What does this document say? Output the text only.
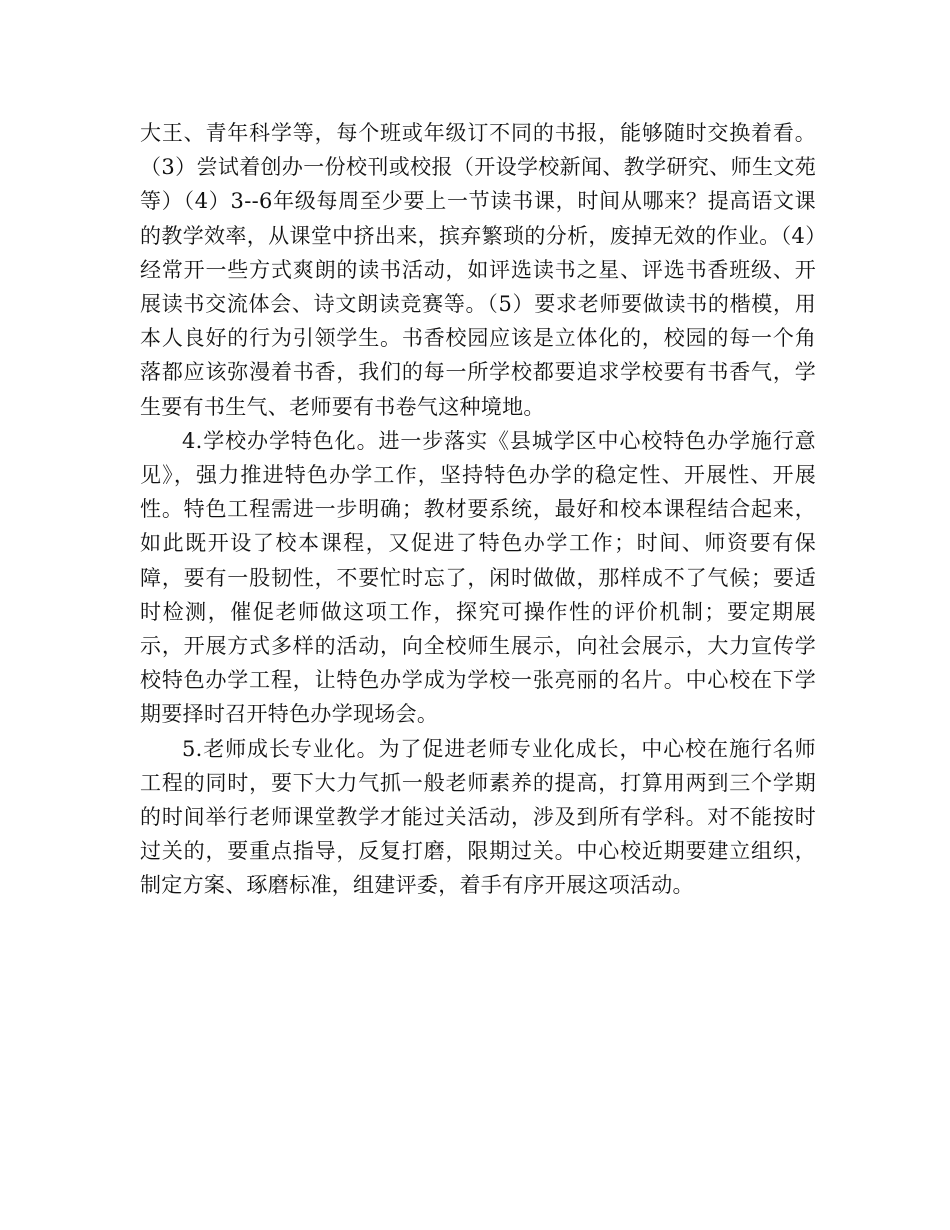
大王、青年科学等，每个班或年级订不同的书报，能够随时交换着看。（3）尝试着创办一份校刊或校报（开设学校新闻、教学研究、师生文苑等）（4）3--6年级每周至少要上一节读书课，时间从哪来？提高语文课的教学效率，从课堂中挤出来，摈弃繁琐的分析，废掉无效的作业。（4）经常开一些方式爽朗的读书活动，如评选读书之星、评选书香班级、开展读书交流体会、诗文朗读竞赛等。（5）要求老师要做读书的楷模，用本人良好的行为引领学生。书香校园应该是立体化的，校园的每一个角落都应该弥漫着书香，我们的每一所学校都要追求学校要有书香气，学生要有书生气、老师要有书卷气这种境地。

4.学校办学特色化。进一步落实《县城学区中心校特色办学施行意见》，强力推进特色办学工作，坚持特色办学的稳定性、开展性、开展性。特色工程需进一步明确；教材要系统，最好和校本课程结合起来，如此既开设了校本课程，又促进了特色办学工作；时间、师资要有保障，要有一股韧性，不要忙时忘了，闲时做做，那样成不了气候；要适时检测，催促老师做这项工作，探究可操作性的评价机制；要定期展示，开展方式多样的活动，向全校师生展示，向社会展示，大力宣传学校特色办学工程，让特色办学成为学校一张亮丽的名片。中心校在下学期要择时召开特色办学现场会。

5.老师成长专业化。为了促进老师专业化成长，中心校在施行名师工程的同时，要下大力气抓一般老师素养的提高，打算用两到三个学期的时间举行老师课堂教学才能过关活动，涉及到所有学科。对不能按时过关的，要重点指导，反复打磨，限期过关。中心校近期要建立组织，制定方案、琢磨标准，组建评委，着手有序开展这项活动。
